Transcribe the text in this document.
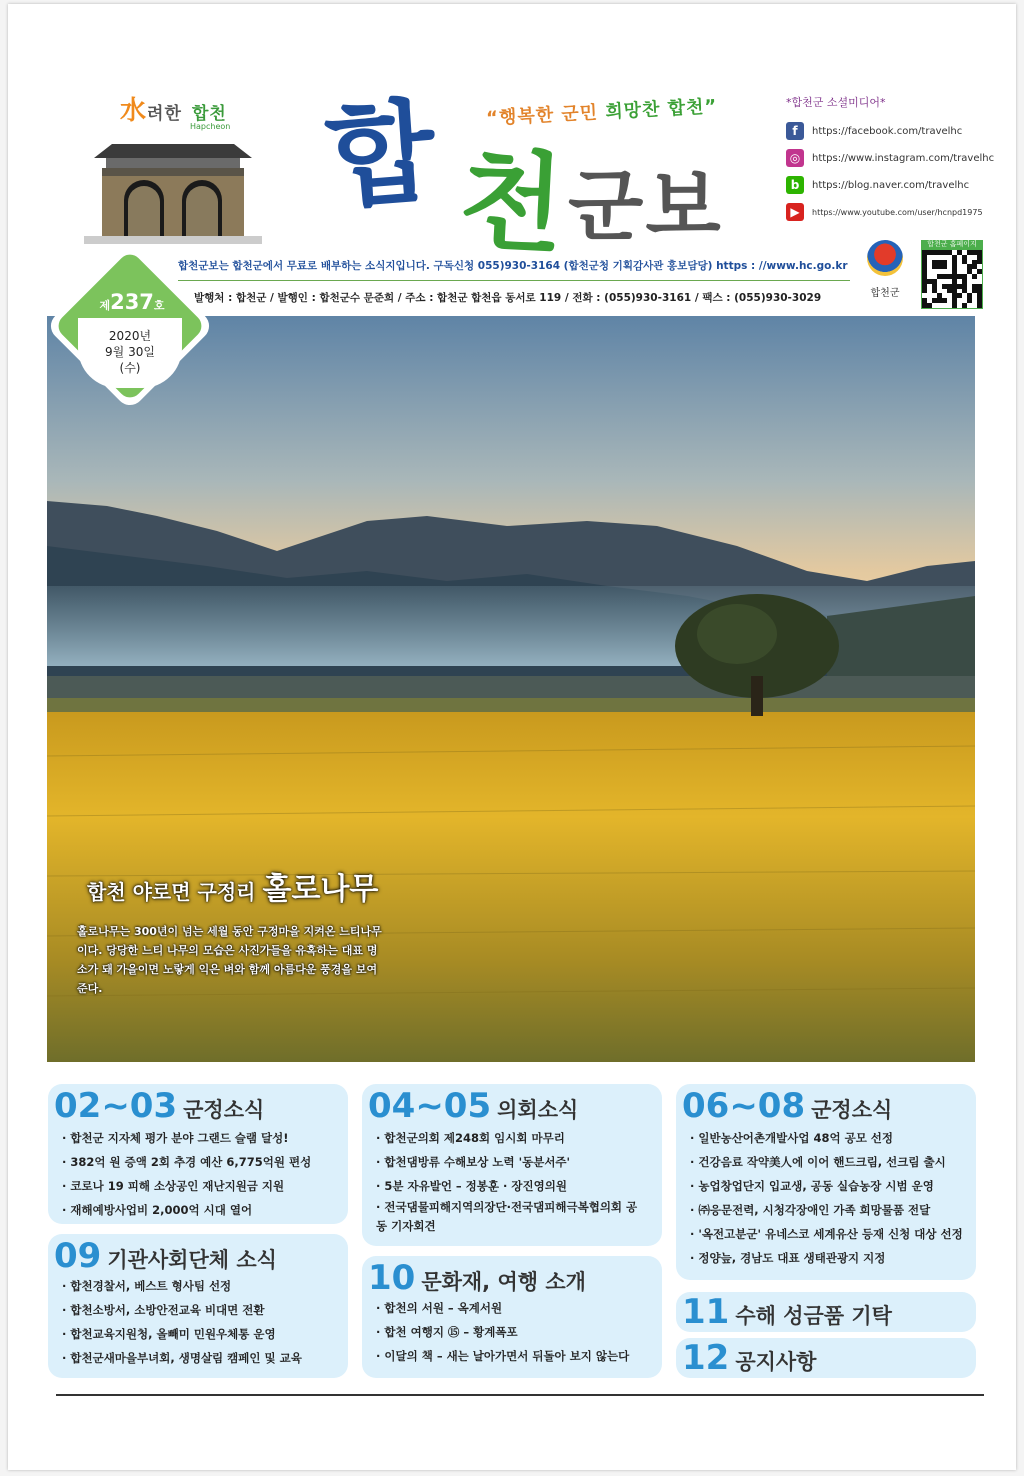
水려한 합천
Hapcheon 합 천 군보
“행복한 군민 희망찬 합천”	*합천군 소셜미디어*
f	https://facebook.com/travelhc
◎	https://www.instagram.com/travelhc
b	https://blog.naver.com/travelhc
▶	https://www.youtube.com/user/hcnpd1975
합천군보는 합천군에서 무료로 배부하는 소식지입니다. 구독신청 055)930-3164 (합천군청 기획감사관 홍보담당) https : //www.hc.go.kr
발행처 : 합천군 / 발행인 : 합천군수 문준희 / 주소 : 합천군 합천읍 동서로 119 / 전화 : (055)930-3161 / 팩스 : (055)930-3029	합천군
합천군 홈페이지
합천 야로면 구정리 홀로나무
홀로나무는 300년이 넘는 세월 동안 구정마을 지켜온 느티나무이다. 당당한 느티 나무의 모습은 사진가들을 유혹하는 대표 명소가 돼 가을이면 노랗게 익은 벼와 함께 아름다운 풍경을 보여 준다.
제237호
2020년
9월 30일
(수)
02~03 군정소식
· 합천군 지자체 평가 분야 그랜드 슬램 달성!
· 382억 원 증액 2회 추경 예산 6,775억원 편성
· 코로나 19 피해 소상공인 재난지원금 지원
· 재해예방사업비 2,000억 시대 열어
04~05 의회소식
· 합천군의회 제248회 임시회 마무리
· 합천댐방류 수해보상 노력 '동분서주'
· 5분 자유발언 – 정봉훈 · 장진영의원
· 전국댐물피해지역의장단·전국댐피해극복협의회 공동 기자회견
06~08 군정소식
· 일반농산어촌개발사업 48억 공모 선정
· 건강음료 작약美人에 이어 핸드크림, 선크림 출시
· 농업창업단지 입교생, 공동 실습농장 시범 운영
· ㈜응문전력, 시청각장애인 가족 희망물품 전달
· '옥전고분군' 유네스코 세계유산 등재 신청 대상 선정
· 정양늪, 경남도 대표 생태관광지 지정
09 기관사회단체 소식
· 합천경찰서, 베스트 형사팀 선정
· 합천소방서, 소방안전교육 비대면 전환
· 합천교육지원청, 올빼미 민원우체통 운영
· 합천군새마을부녀회, 생명살림 캠페인 및 교육
10 문화재, 여행 소개
· 합천의 서원 – 옥계서원
· 합천 여행지 ⑮ – 황계폭포
· 이달의 책 – 새는 날아가면서 뒤돌아 보지 않는다
11 수해 성금품 기탁
12 공지사항
